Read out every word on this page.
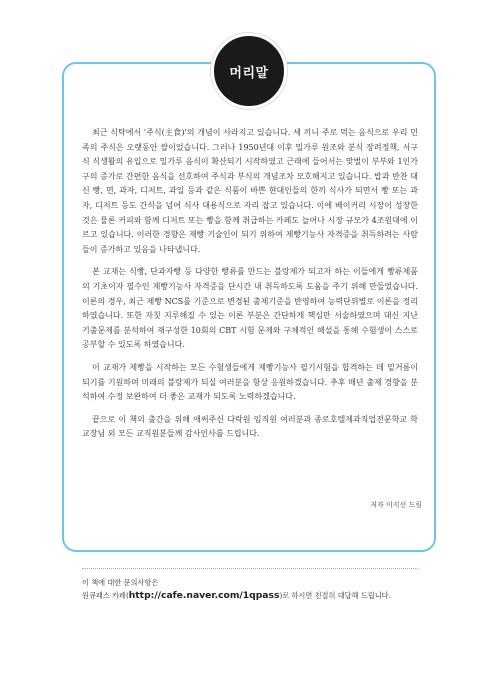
머리말

최근 식탁에서 '주식(主食)'의 개념이 사라지고 있습니다. 세 끼니 주로 먹는 음식으로 우리 민족의 주식은 오랫동안 쌀이었습니다. 그러나 1950년대 이후 밀가루 원조와 분식 장려정책, 서구식 식생활의 유입으로 밀가루 음식이 확산되기 시작하였고 근래에 들어서는 맞벌이 부부와 1인가구의 증가로 간편한 음식을 선호하여 주식과 부식의 개념조차 모호해지고 있습니다. 밥과 반찬 대신 빵, 면, 과자, 디저트, 과일 등과 같은 식품이 바쁜 현대인들의 한끼 식사가 되면서 빵 또는 과자, 디저트 등도 간식을 넘어 식사 대용식으로 자리 잡고 있습니다. 이에 베이커리 시장이 성장한 것은 물론 커피와 함께 디저트 또는 빵을 함께 취급하는 카페도 늘어나 시장 규모가 4조원대에 이르고 있습니다. 이러한 경향은 제빵 기술인이 되기 위하여 제빵기능사 자격증을 취득하려는 사람들이 증가하고 있음을 나타냅니다.

본 교재는 식빵, 단과자빵 등 다양한 빵류를 만드는 블랑제가 되고자 하는 이들에게 빵류제품의 기초이자 필수인 제빵기능사 자격증을 단시간 내 취득하도록 도움을 주기 위해 만들었습니다. 이론의 경우, 최근 제빵 NCS를 기준으로 변경된 출제기준을 반영하여 능력단위별로 이론을 정리하였습니다. 또한 자칫 지루해질 수 있는 이론 부분은 간단하게 핵심만 서술하였으며 대신 지난 기출문제를 분석하여 재구성한 10회의 CBT 시험 문제와 구체적인 해설을 통해 수험생이 스스로 공부할 수 있도록 하였습니다.

이 교재가 제빵을 시작하는 모든 수험생들에게 제빵기능사 필기시험을 합격하는 데 밑거름이 되기를 기원하며 미래의 블랑제가 되실 여러분을 항상 응원하겠습니다. 추후 매년 출제 경향을 분석하여 수정 보완하여 더 좋은 교재가 되도록 노력하겠습니다.

끝으로 이 책의 출간을 위해 애써주신 다락원 임직원 여러분과 종로호텔제과직업전문학교 학교장님 외 모든 교직원분들께 감사인사를 드립니다.

저자 이지선 드림
이 책에 대한 문의사항은
원큐패스 카페(http://cafe.naver.com/1qpass)로 하시면 친절히 대답해 드립니다.
